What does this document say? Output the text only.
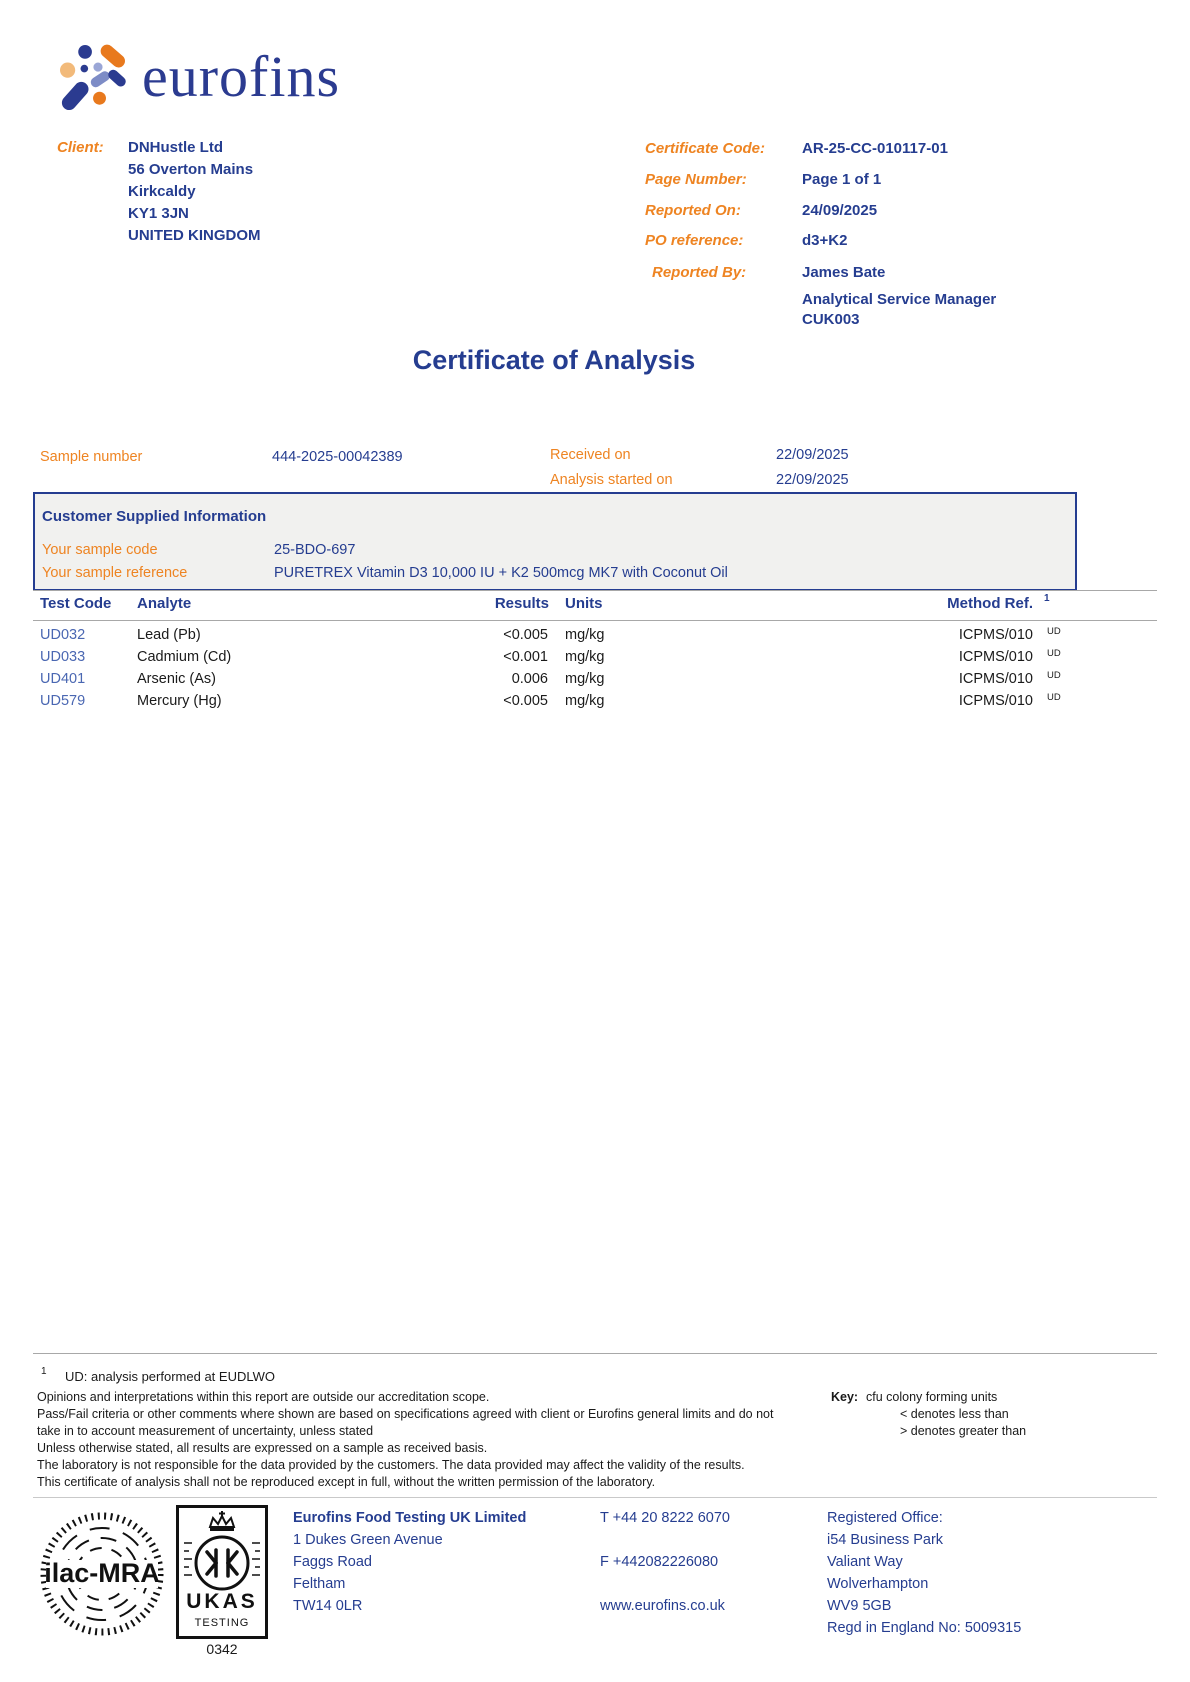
eurofins
Client: DNHustle Ltd
56 Overton Mains
Kirkcaldy
KY1 3JN
UNITED KINGDOM
Certificate Code: AR-25-CC-010117-01
Page Number:	Page 1 of 1
Reported On:	24/09/2025
PO reference:	d3+K2
Reported By:	James Bate
Analytical Service Manager
CUK003
Certificate of Analysis
Sample number	444-2025-00042389	Received on	22/09/2025
Analysis started on	22/09/2025
Customer Supplied Information
Your sample code	25-BDO-697
Your sample reference	PURETREX Vitamin D3 10,000 IU + K2 500mcg MK7 with Coconut Oil
Test Code Analyte	Results Units	Method Ref. 1
UD032	Lead (Pb)	<0.005 mg/kg	ICPMS/010 UD
UD033	Cadmium (Cd)	<0.001 mg/kg	ICPMS/010 UD
UD401	Arsenic (As)	0.006 mg/kg	ICPMS/010 UD
UD579	Mercury (Hg)	<0.005 mg/kg	ICPMS/010 UD
1 UD: analysis performed at EUDLWO
Opinions and interpretations within this report are outside our accreditation scope.
Pass/Fail criteria or other comments where shown are based on specifications agreed with client or Eurofins general limits and do not
take in to account measurement of uncertainty, unless stated
Unless otherwise stated, all results are expressed on a sample as received basis.
The laboratory is not responsible for the data provided by the customers. The data provided may affect the validity of the results.
This certificate of analysis shall not be reproduced except in full, without the written permission of the laboratory.
Key: cfu colony forming units
< denotes less than
> denotes greater than
ilac-MRA
UKAS
TESTING
0342
Eurofins Food Testing UK Limited
1 Dukes Green Avenue
Faggs Road
Feltham
TW14 0LR
T +44 20 8222 6070
F +442082226080
www.eurofins.co.uk
Registered Office:
i54 Business Park
Valiant Way
Wolverhampton
WV9 5GB
Regd in England No: 5009315
